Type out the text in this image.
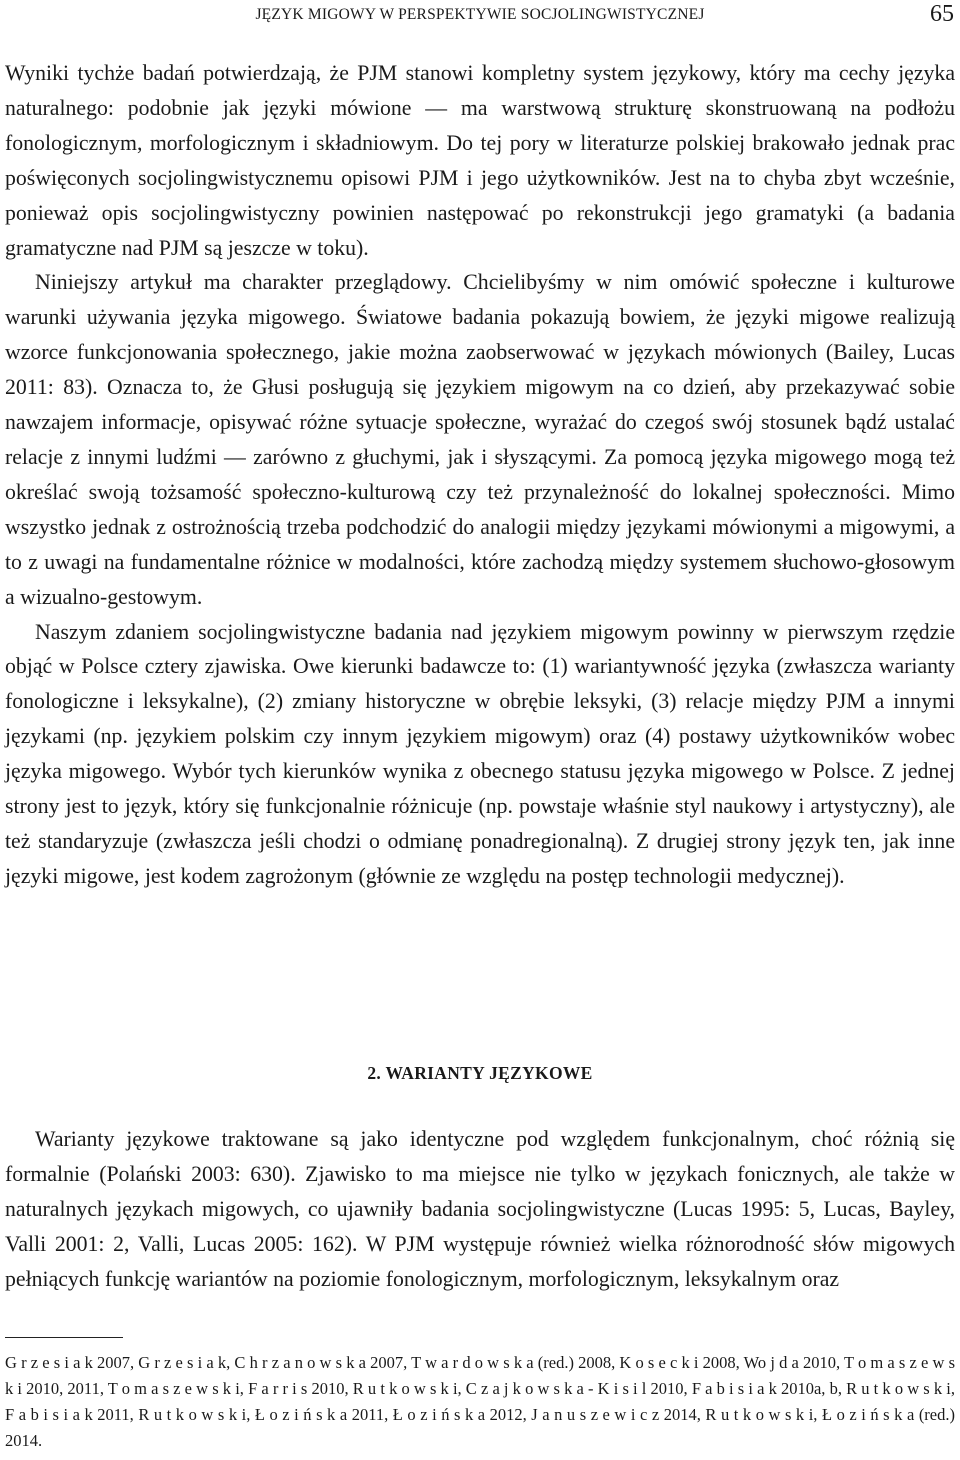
JĘZYK MIGOWY W PERSPEKTYWIE SOCJOLINGWISTYCZNEJ	65

Wyniki tychże badań potwierdzają, że PJM stanowi kompletny system językowy, który ma cechy języka naturalnego: podobnie jak języki mówione — ma warstwową strukturę skonstruowaną na podłożu fonologicznym, morfologicznym i składniowym. Do tej pory w literaturze polskiej brakowało jednak prac poświęconych socjolingwistycznemu opisowi PJM i jego użytkowników. Jest na to chyba zbyt wcześnie, ponieważ opis socjolingwistyczny powinien następować po rekonstrukcji jego gramatyki (a badania gramatyczne nad PJM są jeszcze w toku).

Niniejszy artykuł ma charakter przeglądowy. Chcielibyśmy w nim omówić społeczne i kulturowe warunki używania języka migowego. Światowe badania pokazują bowiem, że języki migowe realizują wzorce funkcjonowania społecznego, jakie można zaobserwować w językach mówionych (Bailey, Lucas 2011: 83). Oznacza to, że Głusi posługują się językiem migowym na co dzień, aby przekazywać sobie nawzajem informacje, opisywać różne sytuacje społeczne, wyrażać do czegoś swój stosunek bądź ustalać relacje z innymi ludźmi — zarówno z głuchymi, jak i słyszącymi. Za pomocą języka migowego mogą też określać swoją tożsamość społeczno-kulturową czy też przynależność do lokalnej społeczności. Mimo wszystko jednak z ostrożnością trzeba podchodzić do analogii między językami mówionymi a migowymi, a to z uwagi na fundamentalne różnice w modalności, które zachodzą między systemem słuchowo-głosowym a wizualno-gestowym.

Naszym zdaniem socjolingwistyczne badania nad językiem migowym powinny w pierwszym rzędzie objąć w Polsce cztery zjawiska. Owe kierunki badawcze to: (1) wariantywność języka (zwłaszcza warianty fonologiczne i leksykalne), (2) zmiany historyczne w obrębie leksyki, (3) relacje między PJM a innymi językami (np. językiem polskim czy innym językiem migowym) oraz (4) postawy użytkowników wobec języka migowego. Wybór tych kierunków wynika z obecnego statusu języka migowego w Polsce. Z jednej strony jest to język, który się funkcjonalnie różnicuje (np. powstaje właśnie styl naukowy i artystyczny), ale też standaryzuje (zwłaszcza jeśli chodzi o odmianę ponadregionalną). Z drugiej strony język ten, jak inne języki migowe, jest kodem zagrożonym (głównie ze względu na postęp technologii medycznej).

2. WARIANTY JĘZYKOWE

Warianty językowe traktowane są jako identyczne pod względem funkcjonalnym, choć różnią się formalnie (Polański 2003: 630). Zjawisko to ma miejsce nie tylko w językach fonicznych, ale także w naturalnych językach migowych, co ujawniły badania socjolingwistyczne (Lucas 1995: 5, Lucas, Bayley, Valli 2001: 2, Valli, Lucas 2005: 162). W PJM występuje również wielka różnorodność słów migowych pełniących funkcję wariantów na poziomie fonologicznym, morfologicznym, leksykalnym oraz

G r z e s i a k 2007, G r z e s i a k, C h r z a n o w s k a 2007, T w a r d o w s k a (red.) 2008, K o s e c k i 2008, Wo j d a 2010, T o m a s z e w s k i 2010, 2011, T o m a s z e w s k i, F a r r i s 2010, R u t k o w s k i, C z a j k o w s k a - K i s i l 2010, F a b i s i a k 2010a, b, R u t k o w s k i, F a b i s i a k 2011, R u t k o w s k i, Ł o z i ń s k a 2011, Ł o z i ń s k a 2012, J a n u s z e w i c z 2014, R u t k o w s k i, Ł o z i ń s k a (red.) 2014.
